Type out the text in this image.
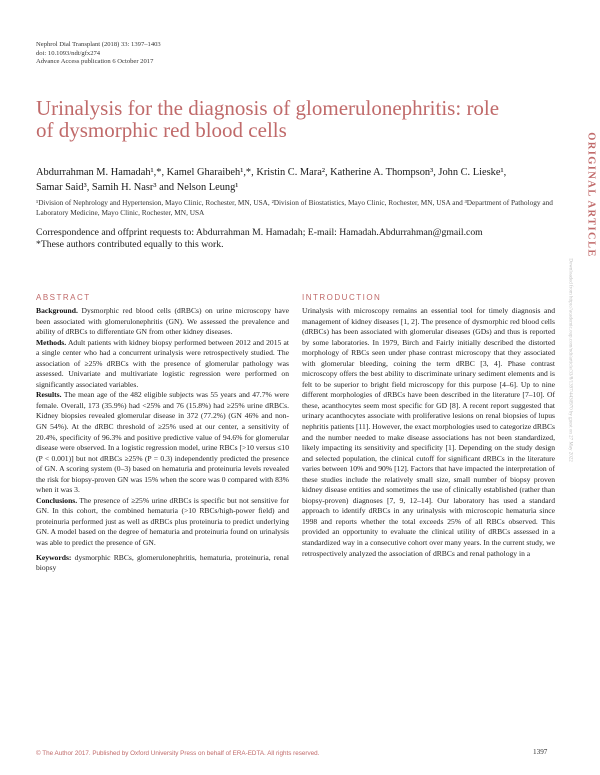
Nephrol Dial Transplant (2018) 33: 1397–1403
doi: 10.1093/ndt/gfx274
Advance Access publication 6 October 2017
Urinalysis for the diagnosis of glomerulonephritis: role of dysmorphic red blood cells
Abdurrahman M. Hamadah¹,*, Kamel Gharaibeh¹,*, Kristin C. Mara², Katherine A. Thompson³, John C. Lieske¹, Samar Said³, Samih H. Nasr³ and Nelson Leung¹
¹Division of Nephrology and Hypertension, Mayo Clinic, Rochester, MN, USA, ²Division of Biostatistics, Mayo Clinic, Rochester, MN, USA and ³Department of Pathology and Laboratory Medicine, Mayo Clinic, Rochester, MN, USA
Correspondence and offprint requests to: Abdurrahman M. Hamadah; E-mail: Hamadah.Abdurrahman@gmail.com
*These authors contributed equally to this work.
ABSTRACT	INTRODUCTION

Background. Dysmorphic red blood cells (dRBCs) on urine microscopy have been associated with glomerulonephritis (GN). We assessed the prevalence and ability of dRBCs to differentiate GN from other kidney diseases.

Methods. Adult patients with kidney biopsy performed between 2012 and 2015 at a single center who had a concurrent urinalysis were retrospectively studied. The association of ≥25% dRBCs with the presence of glomerular pathology was assessed. Univariate and multivariate logistic regression were performed on significantly associated variables.

Results. The mean age of the 482 eligible subjects was 55 years and 47.7% were female. Overall, 173 (35.9%) had <25% and 76 (15.8%) had ≥25% urine dRBCs. Kidney biopsies revealed glomerular disease in 372 (77.2%) (GN 46% and non-GN 54%). At the dRBC threshold of ≥25% used at our center, a sensitivity of 20.4%, specificity of 96.3% and positive predictive value of 94.6% for glomerular disease were observed. In a logistic regression model, urine RBCs [>10 versus ≤10 (P < 0.001)] but not dRBCs ≥25% (P = 0.3) independently predicted the presence of GN. A scoring system (0–3) based on hematuria and proteinuria levels revealed the risk for biopsy-proven GN was 15% when the score was 0 compared with 83% when it was 3.

Conclusions. The presence of ≥25% urine dRBCs is specific but not sensitive for GN. In this cohort, the combined hematuria (>10 RBCs/high-power field) and proteinuria performed just as well as dRBCs plus proteinuria to predict underlying GN. A model based on the degree of hematuria and proteinuria found on urinalysis was able to predict the presence of GN.

Keywords: dysmorphic RBCs, glomerulonephritis, hematuria, proteinuria, renal biopsy

Urinalysis with microscopy remains an essential tool for timely diagnosis and management of kidney diseases [1, 2]. The presence of dysmorphic red blood cells (dRBCs) has been associated with glomerular diseases (GDs) and thus is reported by some laboratories. In 1979, Birch and Fairly initially described the distorted morphology of RBCs seen under phase contrast microscopy that they associated with glomerular bleeding, coining the term dRBC [3, 4]. Phase contrast microscopy offers the best ability to discriminate urinary sediment elements and is felt to be superior to bright field microscopy for this purpose [4–6]. Up to nine different morphologies of dRBCs have been described in the literature [7–10]. Of these, acanthocytes seem most specific for GD [8]. A recent report suggested that urinary acanthocytes associate with proliferative lesions on renal biopsies of lupus nephritis patients [11]. However, the exact morphologies used to categorize dRBCs and the number needed to make disease associations has not been standardized, likely impacting its sensitivity and specificity [1]. Depending on the study design and selected population, the clinical cutoff for significant dRBCs in the literature varies between 10% and 90% [12]. Factors that have impacted the interpretation of these studies include the relatively small size, small number of biopsy proven kidney disease entities and sometimes the use of clinically established (rather than biopsy-proven) diagnoses [7, 9, 12–14]. Our laboratory has used a standard approach to identify dRBCs in any urinalysis with microscopic hematuria since 1998 and reports whether the total exceeds 25% of all RBCs observed. This provided an opportunity to evaluate the clinical utility of dRBCs assessed in a standardized way in a consecutive cohort over many years. In the current study, we retrospectively analyzed the association of dRBCs and renal pathology in a

© The Author 2017. Published by Oxford University Press on behalf of ERA-EDTA. All rights reserved.	1397
ORIGINAL ARTICLE
Downloaded from https://academic.oup.com/ndt/article/33/8/1397/4430970 by guest on 27 May 2022
